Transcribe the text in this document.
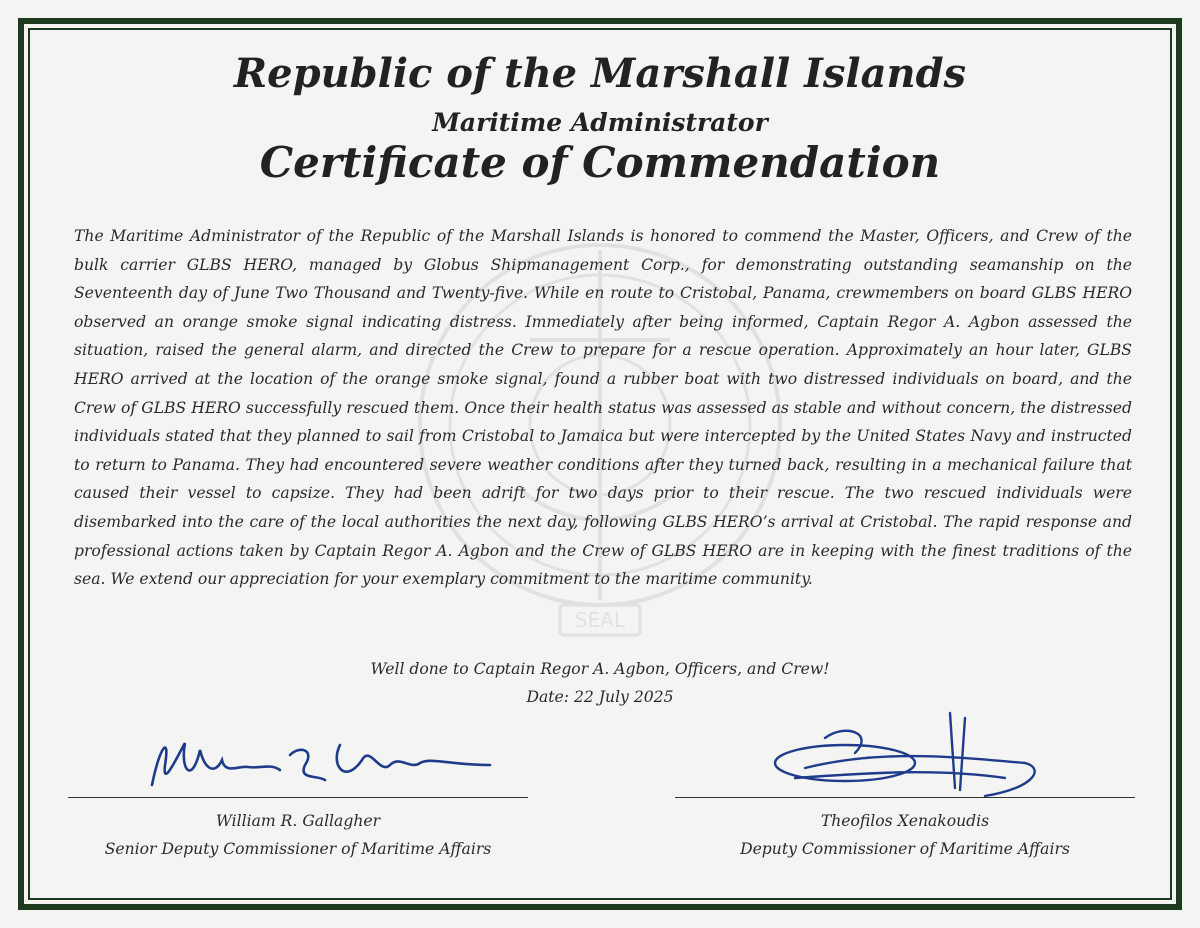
SEAL
Republic of the Marshall Islands
Maritime Administrator
Certificate of Commendation

The Maritime Administrator of the Republic of the Marshall Islands is honored to commend the Master, Officers, and Crew of the bulk carrier GLBS HERO, managed by Globus Shipmanagement Corp., for demonstrating outstanding seamanship on the Seventeenth day of June Two Thousand and Twenty-five. While en route to Cristobal, Panama, crewmembers on board GLBS HERO observed an orange smoke signal indicating distress. Immediately after being informed, Captain Regor A. Agbon assessed the situation, raised the general alarm, and directed the Crew to prepare for a rescue operation. Approximately an hour later, GLBS HERO arrived at the location of the orange smoke signal, found a rubber boat with two distressed individuals on board, and the Crew of GLBS HERO successfully rescued them. Once their health status was assessed as stable and without concern, the distressed individuals stated that they planned to sail from Cristobal to Jamaica but were intercepted by the United States Navy and instructed to return to Panama. They had encountered severe weather conditions after they turned back, resulting in a mechanical failure that caused their vessel to capsize. They had been adrift for two days prior to their rescue. The two rescued individuals were disembarked into the care of the local authorities the next day, following GLBS HERO’s arrival at Cristobal. The rapid response and professional actions taken by Captain Regor A. Agbon and the Crew of GLBS HERO are in keeping with the finest traditions of the sea. We extend our appreciation for your exemplary commitment to the maritime community.

Well done to Captain Regor A. Agbon, Officers, and Crew!

Date: 22 July 2025

William R. Gallagher

Senior Deputy Commissioner of Maritime Affairs

Theofilos Xenakoudis

Deputy Commissioner of Maritime Affairs
